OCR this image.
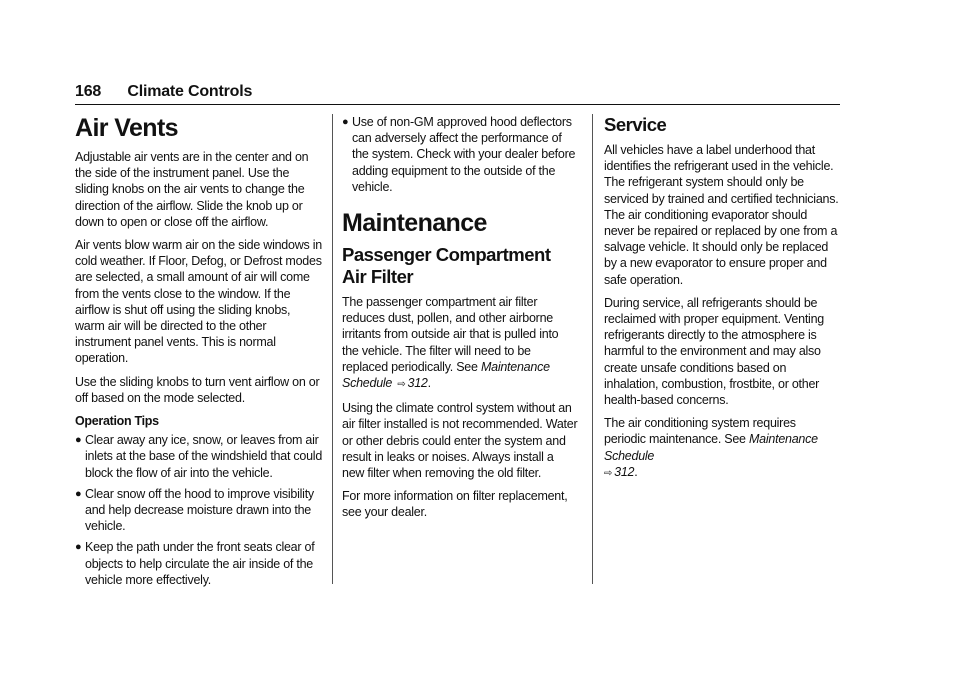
168 Climate Controls
Air Vents

Adjustable air vents are in the center and on the side of the instrument panel. Use the sliding knobs on the air vents to change the direction of the airflow. Slide the knob up or down to open or close off the airflow.

Air vents blow warm air on the side windows in cold weather. If Floor, Defog, or Defrost modes are selected, a small amount of air will come from the vents close to the window. If the airflow is shut off using the sliding knobs, warm air will be directed to the other instrument panel vents. This is normal operation.

Use the sliding knobs to turn vent airflow on or off based on the mode selected.

Operation Tips
● Clear away any ice, snow, or leaves from air inlets at the base of the windshield that could block the flow of air into the vehicle.
● Clear snow off the hood to improve visibility and help decrease moisture drawn into the vehicle.
● Keep the path under the front seats clear of objects to help circulate the air inside of the vehicle more effectively.
● Use of non-GM approved hood deflectors can adversely affect the performance of the system. Check with your dealer before adding equipment to the outside of the vehicle.
Maintenance
Passenger Compartment Air Filter

The passenger compartment air filter reduces dust, pollen, and other airborne irritants from outside air that is pulled into the vehicle. The filter will need to be replaced periodically. See Maintenance Schedule ⇨ 312.

Using the climate control system without an air filter installed is not recommended. Water or other debris could enter the system and result in leaks or noises. Always install a new filter when removing the old filter.

For more information on filter replacement, see your dealer.

Service

All vehicles have a label underhood that identifies the refrigerant used in the vehicle. The refrigerant system should only be serviced by trained and certified technicians. The air conditioning evaporator should never be repaired or replaced by one from a salvage vehicle. It should only be replaced by a new evaporator to ensure proper and safe operation.

During service, all refrigerants should be reclaimed with proper equipment. Venting refrigerants directly to the atmosphere is harmful to the environment and may also create unsafe conditions based on inhalation, combustion, frostbite, or other health-based concerns.

The air conditioning system requires periodic maintenance. See Maintenance Schedule
⇨ 312.
